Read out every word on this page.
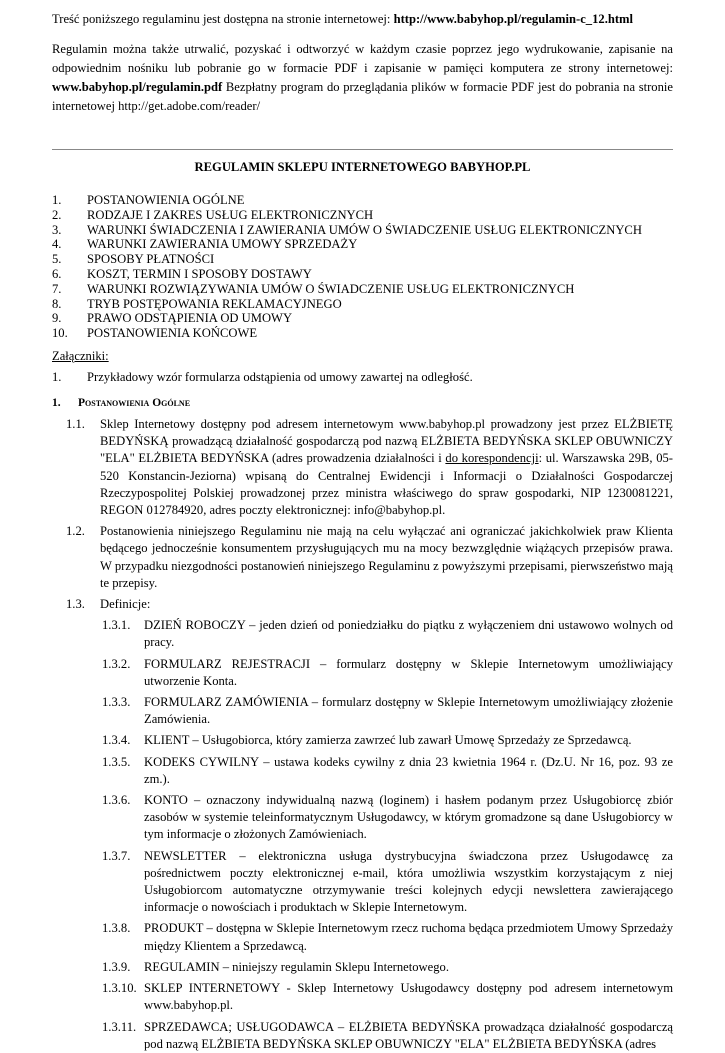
Treść poniższego regulaminu jest dostępna na stronie internetowej: http://www.babyhop.pl/regulamin-c_12.html

Regulamin można także utrwalić, pozyskać i odtworzyć w każdym czasie poprzez jego wydrukowanie, zapisanie na odpowiednim nośniku lub pobranie go w formacie PDF i zapisanie w pamięci komputera ze strony internetowej: www.babyhop.pl/regulamin.pdf Bezpłatny program do przeglądania plików w formacie PDF jest do pobrania na stronie internetowej http://get.adobe.com/reader/

REGULAMIN SKLEPU INTERNETOWEGO BABYHOP.PL
1. POSTANOWIENIA OGÓLNE
2. RODZAJE I ZAKRES USŁUG ELEKTRONICZNYCH
3. WARUNKI ŚWIADCZENIA I ZAWIERANIA UMÓW O ŚWIADCZENIE USŁUG ELEKTRONICZNYCH
4. WARUNKI ZAWIERANIA UMOWY SPRZEDAŻY
5. SPOSOBY PŁATNOŚCI
6. KOSZT, TERMIN I SPOSOBY DOSTAWY
7. WARUNKI ROZWIĄZYWANIA UMÓW O ŚWIADCZENIE USŁUG ELEKTRONICZNYCH
8. TRYB POSTĘPOWANIA REKLAMACYJNEGO
9. PRAWO ODSTĄPIENIA OD UMOWY
10. POSTANOWIENIA KOŃCOWE
Załączniki:
1. Przykładowy wzór formularza odstąpienia od umowy zawartej na odległość.
1. Postanowienia Ogólne
1.1. Sklep Internetowy dostępny pod adresem internetowym www.babyhop.pl prowadzony jest przez ELŻBIETĘ BEDYŃSKĄ prowadzącą działalność gospodarczą pod nazwą ELŻBIETA BEDYŃSKA SKLEP OBUWNICZY "ELA" ELŻBIETA BEDYŃSKA (adres prowadzenia działalności i do korespondencji: ul. Warszawska 29B, 05-520 Konstancin-Jeziorna) wpisaną do Centralnej Ewidencji i Informacji o Działalności Gospodarczej Rzeczypospolitej Polskiej prowadzonej przez ministra właściwego do spraw gospodarki, NIP 1230081221, REGON 012784920, adres poczty elektronicznej: info@babyhop.pl.
1.2. Postanowienia niniejszego Regulaminu nie mają na celu wyłączać ani ograniczać jakichkolwiek praw Klienta będącego jednocześnie konsumentem przysługujących mu na mocy bezwzględnie wiążących przepisów prawa. W przypadku niezgodności postanowień niniejszego Regulaminu z powyższymi przepisami, pierwszeństwo mają te przepisy.
1.3. Definicje:
1.3.1. DZIEŃ ROBOCZY – jeden dzień od poniedziałku do piątku z wyłączeniem dni ustawowo wolnych od pracy.
1.3.2. FORMULARZ REJESTRACJI – formularz dostępny w Sklepie Internetowym umożliwiający utworzenie Konta.
1.3.3. FORMULARZ ZAMÓWIENIA – formularz dostępny w Sklepie Internetowym umożliwiający złożenie Zamówienia.
1.3.4. KLIENT – Usługobiorca, który zamierza zawrzeć lub zawarł Umowę Sprzedaży ze Sprzedawcą.
1.3.5. KODEKS CYWILNY – ustawa kodeks cywilny z dnia 23 kwietnia 1964 r. (Dz.U. Nr 16, poz. 93 ze zm.).
1.3.6. KONTO – oznaczony indywidualną nazwą (loginem) i hasłem podanym przez Usługobiorcę zbiór zasobów w systemie teleinformatycznym Usługodawcy, w którym gromadzone są dane Usługobiorcy w tym informacje o złożonych Zamówieniach.
1.3.7. NEWSLETTER – elektroniczna usługa dystrybucyjna świadczona przez Usługodawcę za pośrednictwem poczty elektronicznej e-mail, która umożliwia wszystkim korzystającym z niej Usługobiorcom automatyczne otrzymywanie treści kolejnych edycji newslettera zawierającego informacje o nowościach i produktach w Sklepie Internetowym.
1.3.8. PRODUKT – dostępna w Sklepie Internetowym rzecz ruchoma będąca przedmiotem Umowy Sprzedaży między Klientem a Sprzedawcą.
1.3.9. REGULAMIN – niniejszy regulamin Sklepu Internetowego.
1.3.10. SKLEP INTERNETOWY - Sklep Internetowy Usługodawcy dostępny pod adresem internetowym www.babyhop.pl.
1.3.11. SPRZEDAWCA; USŁUGODAWCA – ELŻBIETA BEDYŃSKA prowadząca działalność gospodarczą pod nazwą ELŻBIETA BEDYŃSKA SKLEP OBUWNICZY "ELA" ELŻBIETA BEDYŃSKA (adres
